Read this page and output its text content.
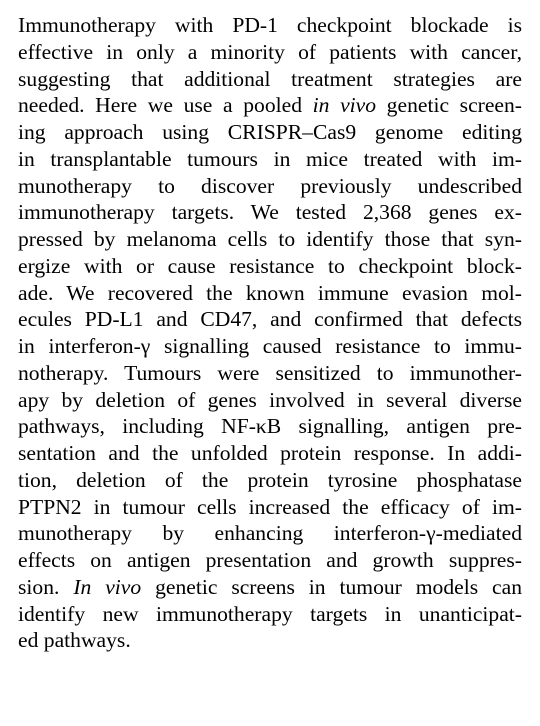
Immunotherapy with PD-1 checkpoint blockade is
effective in only a minority of patients with cancer,
suggesting that additional treatment strategies are
needed. Here we use a pooled in vivo genetic screen-
ing approach using CRISPR–Cas9 genome editing
in transplantable tumours in mice treated with im-
munotherapy to discover previously undescribed
immunotherapy targets. We tested 2,368 genes ex-
pressed by melanoma cells to identify those that syn-
ergize with or cause resistance to checkpoint block-
ade. We recovered the known immune evasion mol-
ecules PD-L1 and CD47, and confirmed that defects
in interferon-γ signalling caused resistance to immu-
notherapy. Tumours were sensitized to immunother-
apy by deletion of genes involved in several diverse
pathways, including NF-κB signalling, antigen pre-
sentation and the unfolded protein response. In addi-
tion, deletion of the protein tyrosine phosphatase
PTPN2 in tumour cells increased the efficacy of im-
munotherapy by enhancing interferon-γ-mediated
effects on antigen presentation and growth suppres-
sion. In vivo genetic screens in tumour models can
identify new immunotherapy targets in unanticipat-
ed pathways.
